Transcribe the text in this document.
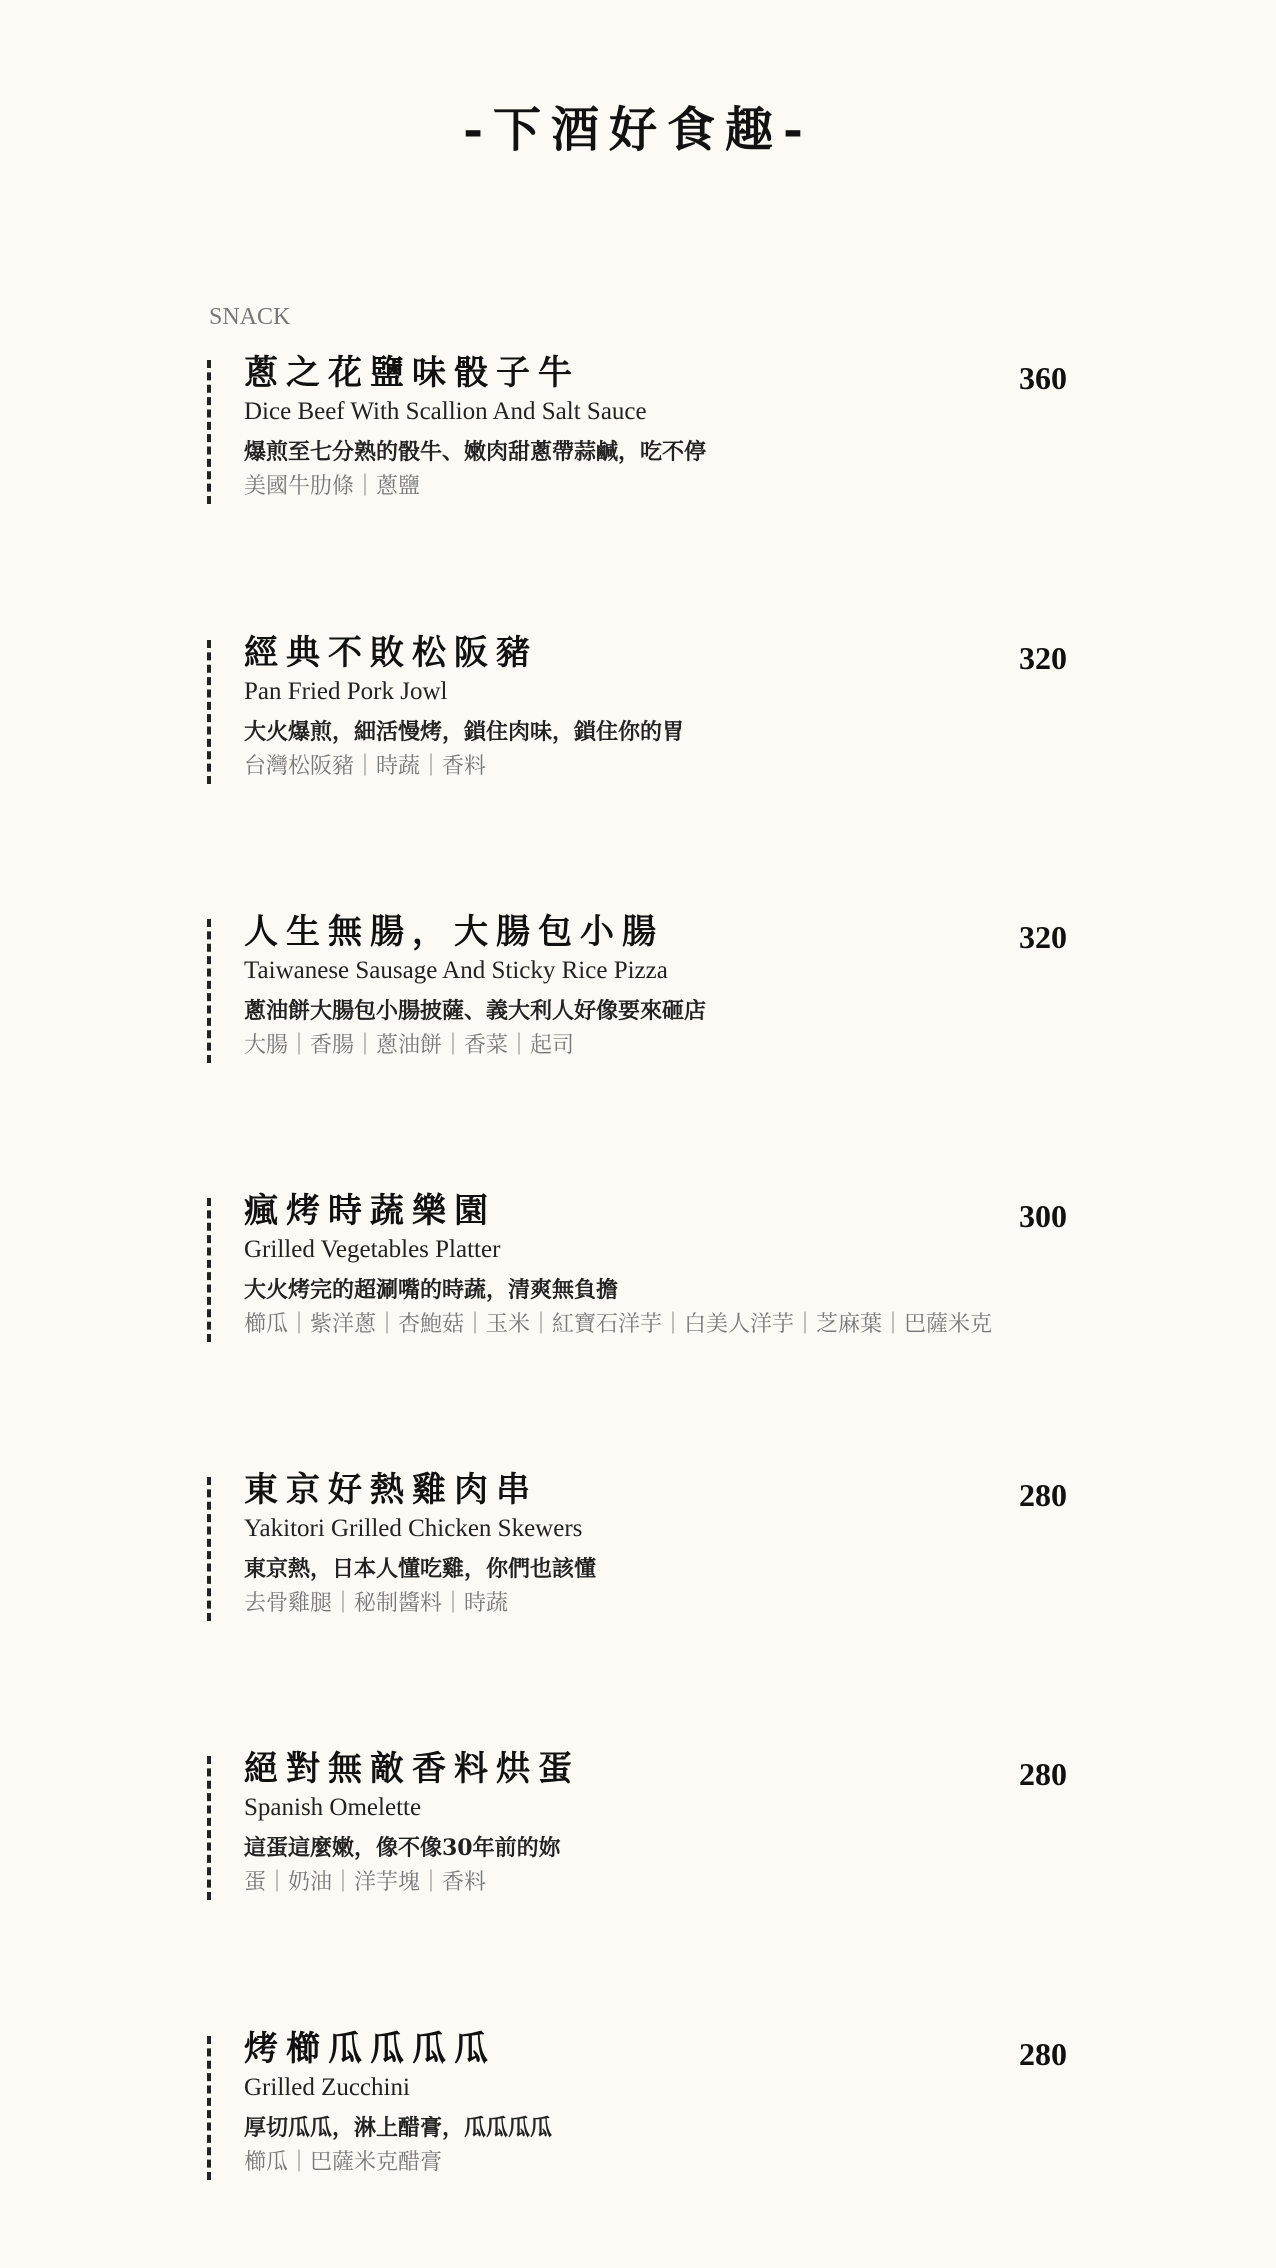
-下酒好食趣-
SNACK
蔥之花鹽味骰子牛	360
Dice Beef With Scallion And Salt Sauce
爆煎至七分熟的骰牛、嫩肉甜蔥帶蒜鹹，吃不停
美國牛肋條｜蔥鹽
經典不敗松阪豬	320
Pan Fried Pork Jowl
大火爆煎，細活慢烤，鎖住肉味，鎖住你的胃
台灣松阪豬｜時蔬｜香料
人生無腸，大腸包小腸	320
Taiwanese Sausage And Sticky Rice Pizza
蔥油餅大腸包小腸披薩、義大利人好像要來砸店
大腸｜香腸｜蔥油餅｜香菜｜起司
瘋烤時蔬樂園	300
Grilled Vegetables Platter
大火烤完的超涮嘴的時蔬，清爽無負擔
櫛瓜｜紫洋蔥｜杏鮑菇｜玉米｜紅寶石洋芋｜白美人洋芋｜芝麻葉｜巴薩米克
東京好熱雞肉串	280
Yakitori Grilled Chicken Skewers
東京熱，日本人懂吃雞，你們也該懂
去骨雞腿｜秘制醬料｜時蔬
絕對無敵香料烘蛋	280
Spanish Omelette
這蛋這麼嫩，像不像30年前的妳
蛋｜奶油｜洋芋塊｜香料
烤櫛瓜瓜瓜瓜	280
Grilled Zucchini
厚切瓜瓜，淋上醋膏，瓜瓜瓜瓜
櫛瓜｜巴薩米克醋膏
